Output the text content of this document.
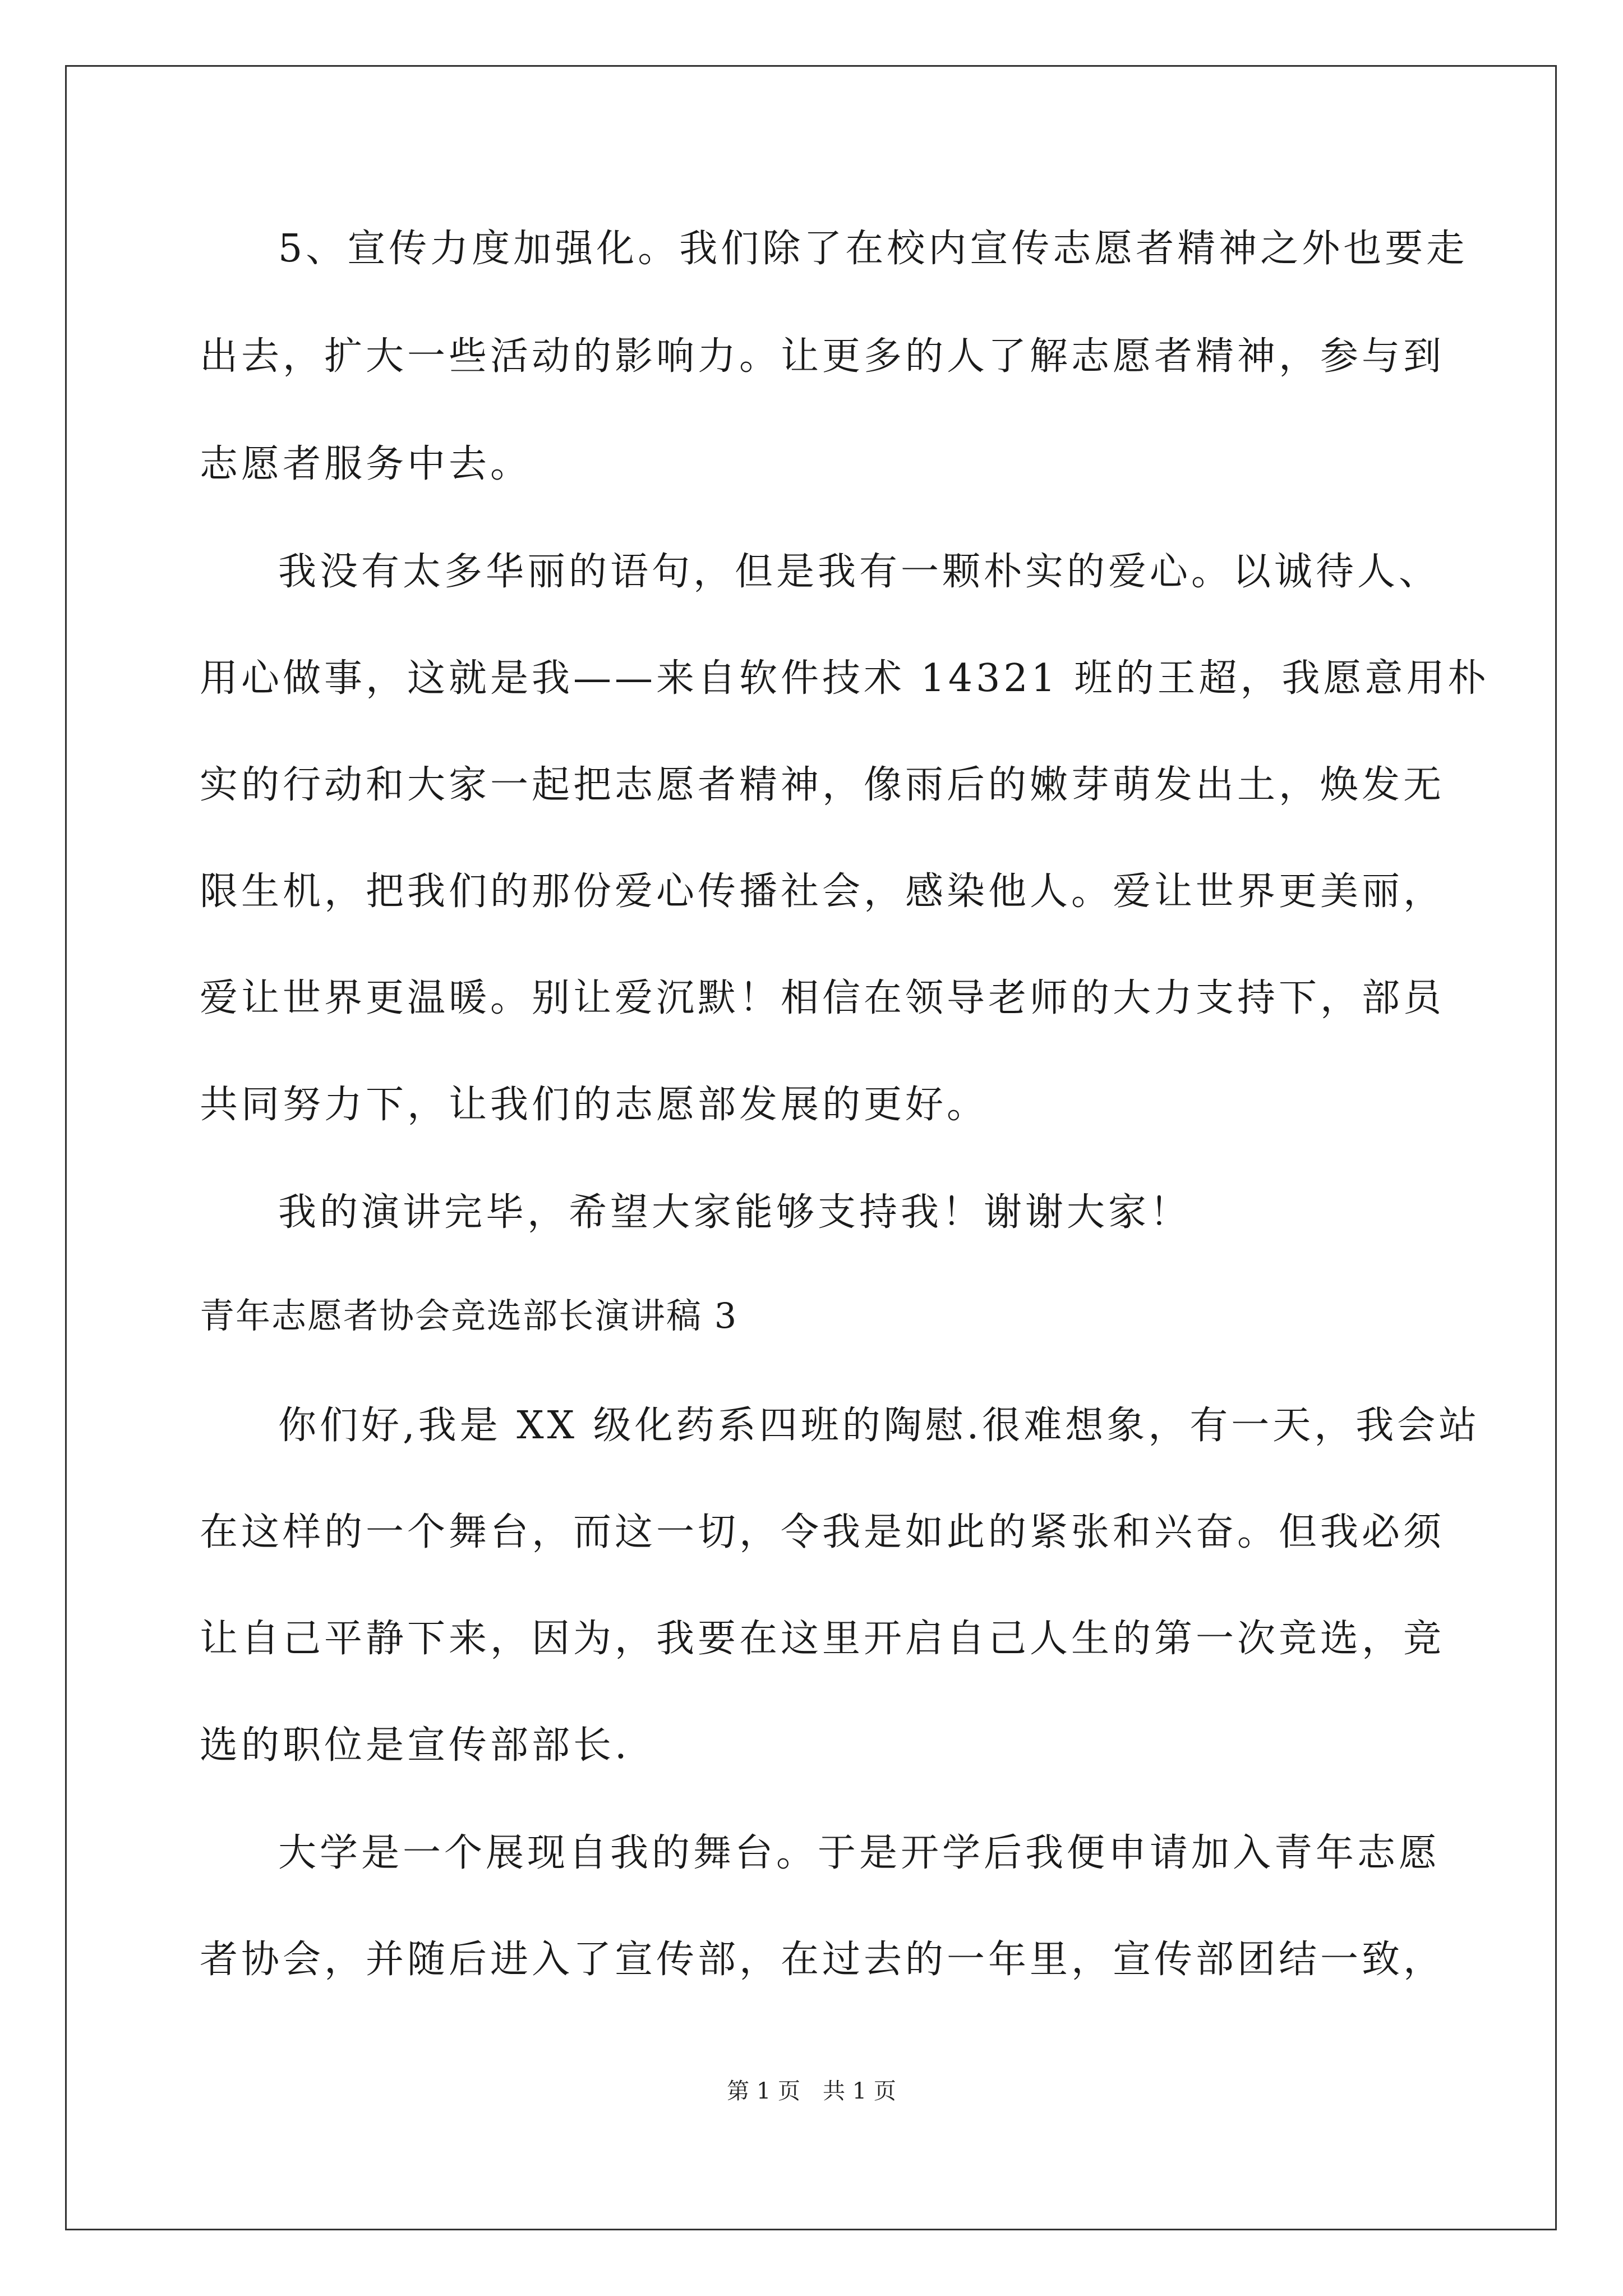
5、宣传力度加强化。我们除了在校内宣传志愿者精神之外也要走
出去，扩大一些活动的影响力。让更多的人了解志愿者精神，参与到
志愿者服务中去。
我没有太多华丽的语句，但是我有一颗朴实的爱心。以诚待人、
用心做事，这就是我——来自软件技术 14321 班的王超，我愿意用朴
实的行动和大家一起把志愿者精神，像雨后的嫩芽萌发出土，焕发无
限生机，把我们的那份爱心传播社会，感染他人。爱让世界更美丽，
爱让世界更温暖。别让爱沉默！相信在领导老师的大力支持下，部员
共同努力下，让我们的志愿部发展的更好。
我的演讲完毕，希望大家能够支持我！谢谢大家！
青年志愿者协会竞选部长演讲稿 3
你们好,我是 XX 级化药系四班的陶慰.很难想象，有一天，我会站
在这样的一个舞台，而这一切，令我是如此的紧张和兴奋。但我必须
让自己平静下来，因为，我要在这里开启自己人生的第一次竞选，竞
选的职位是宣传部部长.
大学是一个展现自我的舞台。于是开学后我便申请加入青年志愿
者协会，并随后进入了宣传部，在过去的一年里，宣传部团结一致，
第 1 页　共 1 页
